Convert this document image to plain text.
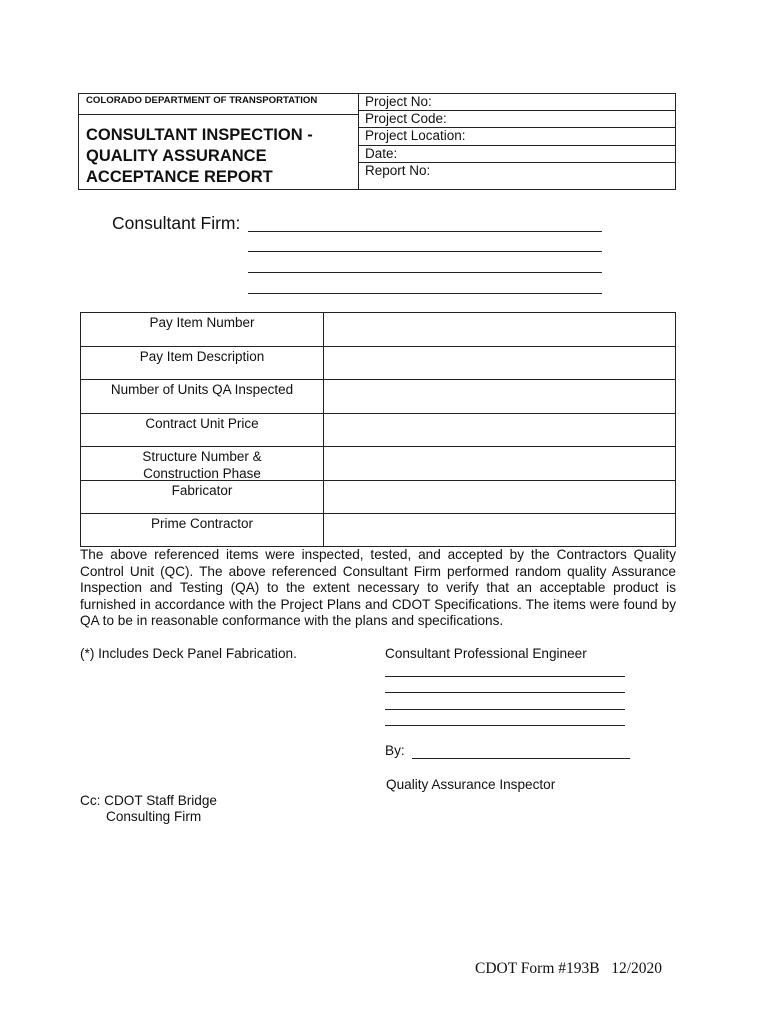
COLORADO DEPARTMENT OF TRANSPORTATION
CONSULTANT INSPECTION -
QUALITY ASSURANCE
ACCEPTANCE REPORT
Project No:
Project Code:
Project Location:
Date:
Report No:
Consultant Firm:
Pay Item Number
Pay Item Description
Number of Units QA Inspected
Contract Unit Price
Structure Number &
Construction Phase
Fabricator
Prime Contractor

The above referenced items were inspected, tested, and accepted by the Contractors Quality Control Unit (QC). The above referenced Consultant Firm performed random quality Assurance Inspection and Testing (QA) to the extent necessary to verify that an acceptable product is furnished in accordance with the Project Plans and CDOT Specifications. The items were found by QA to be in reasonable conformance with the plans and specifications.

(*) Includes Deck Panel Fabrication.	Consultant Professional Engineer
By:
Quality Assurance Inspector
Cc: CDOT Staff Bridge
Consulting Firm
CDOT Form #193B   12/2020
